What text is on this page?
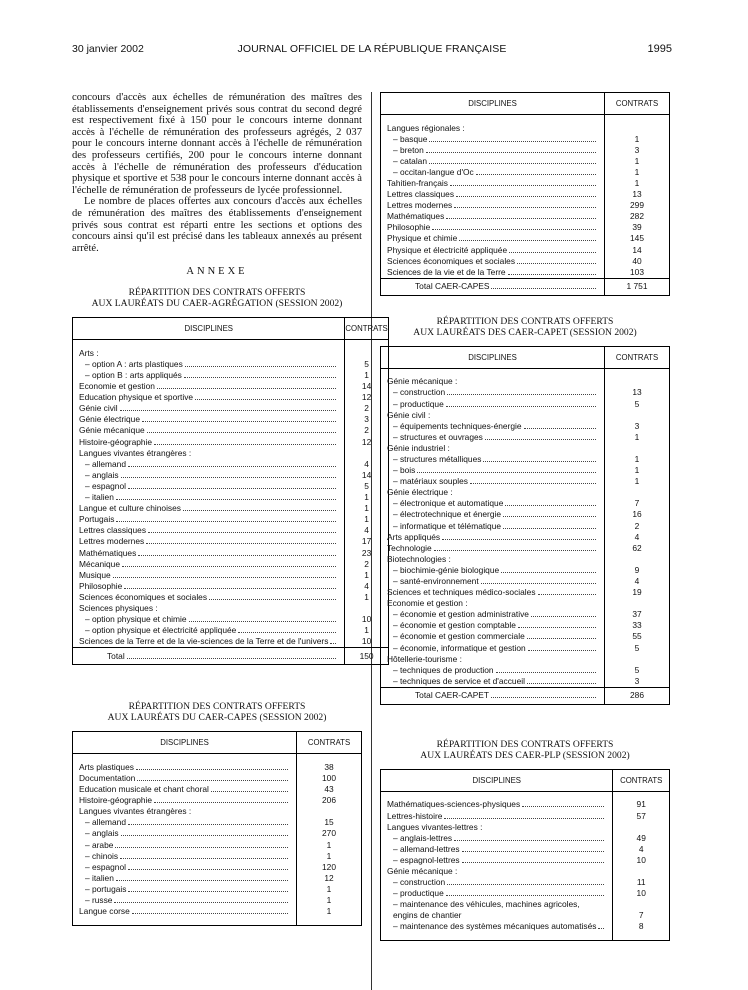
30 janvier 2002	JOURNAL OFFICIEL DE LA RÉPUBLIQUE FRANÇAISE	1995

concours d'accès aux échelles de rémunération des maîtres des établissements d'enseignement privés sous contrat du second degré est respectivement fixé à 150 pour le concours interne donnant accès à l'échelle de rémunération des professeurs agrégés, 2 037 pour le concours interne donnant accès à l'échelle de rémunération des professeurs certifiés, 200 pour le concours interne donnant accès à l'échelle de rémunération des professeurs d'éducation physique et sportive et 538 pour le concours interne donnant accès à l'échelle de rémunération de professeurs de lycée professionnel.

Le nombre de places offertes aux concours d'accès aux échelles de rémunération des maîtres des établissements d'enseignement privés sous contrat est réparti entre les sections et options des concours ainsi qu'il est précisé dans les tableaux annexés au présent arrêté.

ANNEXE
RÉPARTITION DES CONTRATS OFFERTS
AUX LAURÉATS DU CAER-AGRÉGATION (SESSION 2002)
DISCIPLINES	CONTRATS

Arts :	

– option A : arts plastiques	5

– option B : arts appliqués	1

Economie et gestion	14

Education physique et sportive	12

Génie civil	2

Génie électrique	3

Génie mécanique	2

Histoire-géographie	12

Langues vivantes étrangères :	

– allemand	4

– anglais	14

– espagnol	5

– italien	1

Langue et culture chinoises	1

Portugais	1

Lettres classiques	4

Lettres modernes	17

Mathématiques	23

Mécanique	2

Musique	1

Philosophie	4

Sciences économiques et sociales	1

Sciences physiques :	

– option physique et chimie	10

– option physique et électricité appliquée	1

Sciences de la Terre et de la vie-sciences de la Terre et de l'univers	10

Total	150
RÉPARTITION DES CONTRATS OFFERTS
AUX LAURÉATS DU CAER-CAPES (SESSION 2002)
DISCIPLINES	CONTRATS

Arts plastiques	38

Documentation	100

Education musicale et chant choral	43

Histoire-géographie	206

Langues vivantes étrangères :	

– allemand	15

– anglais	270

– arabe	1

– chinois	1

– espagnol	120

– italien	12

– portugais	1

– russe	1

Langue corse	1

DISCIPLINES	CONTRATS

Langues régionales :	

– basque	1

– breton	3

– catalan	1

– occitan-langue d'Oc	1

Tahitien-français	1

Lettres classiques	13

Lettres modernes	299

Mathématiques	282

Philosophie	39

Physique et chimie	145

Physique et électricité appliquée	14

Sciences économiques et sociales	40

Sciences de la vie et de la Terre	103

Total CAER-CAPES	1 751
RÉPARTITION DES CONTRATS OFFERTS
AUX LAURÉATS DES CAER-CAPET (SESSION 2002)
DISCIPLINES	CONTRATS

Génie mécanique :	

– construction	13

– productique	5

Génie civil :	

– équipements techniques-énergie	3

– structures et ouvrages	1

Génie industriel :	

– structures métalliques	1

– bois	1

– matériaux souples	1

Génie électrique :	

– électronique et automatique	7

– électrotechnique et énergie	16

– informatique et télématique	2

Arts appliqués	4

Technologie	62

Biotechnologies :	

– biochimie-génie biologique	9

– santé-environnement	4

Sciences et techniques médico-sociales	19

Economie et gestion :	

– économie et gestion administrative	37

– économie et gestion comptable	33

– économie et gestion commerciale	55

– économie, informatique et gestion	5

Hôtellerie-tourisme :	

– techniques de production	5

– techniques de service et d'accueil	3

Total CAER-CAPET	286
RÉPARTITION DES CONTRATS OFFERTS
AUX LAURÉATS DES CAER-PLP (SESSION 2002)
DISCIPLINES	CONTRATS

Mathématiques-sciences-physiques	91

Lettres-histoire	57

Langues vivantes-lettres :	

– anglais-lettres	49

– allemand-lettres	4

– espagnol-lettres	10

Génie mécanique :	

– construction	11

– productique	10

– maintenance des véhicules, machines agricoles, engins de chantier	7

– maintenance des systèmes mécaniques automatisés	8
